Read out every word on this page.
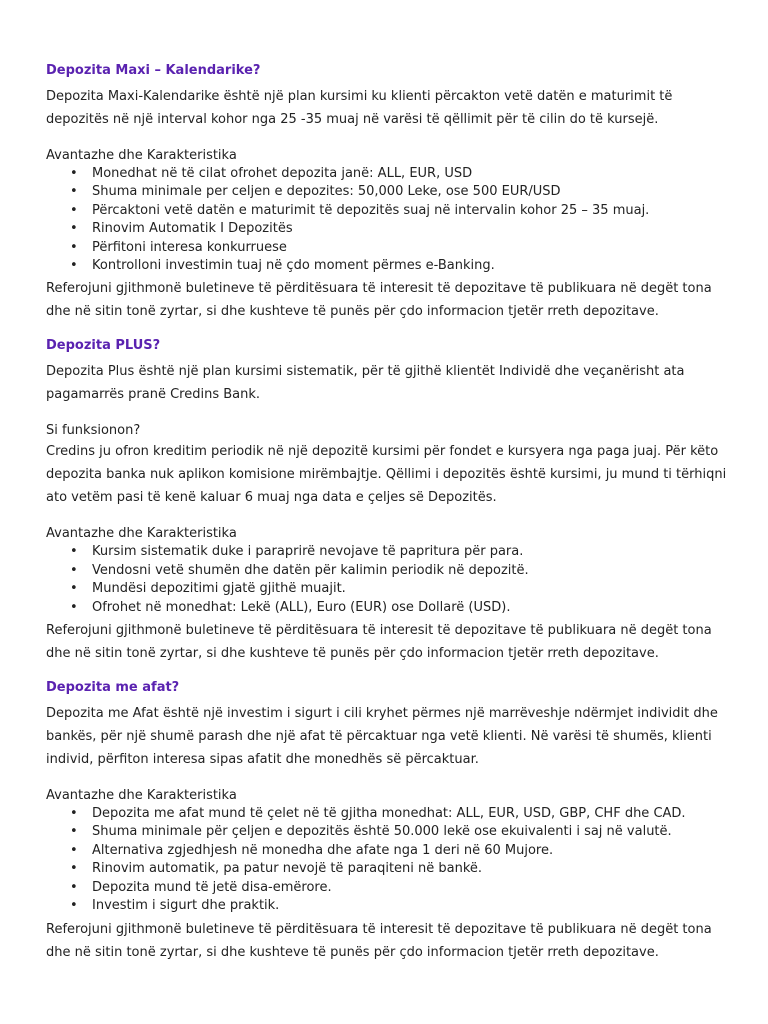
Depozita Maxi – Kalendarike?

Depozita Maxi-Kalendarike është një plan kursimi ku klienti përcakton vetë datën e maturimit të depozitës në një interval kohor nga 25 -35 muaj në varësi të qëllimit për të cilin do të kursejë.

Avantazhe dhe Karakteristika
• Monedhat në të cilat ofrohet depozita janë: ALL, EUR, USD
• Shuma minimale per celjen e depozites: 50,000 Leke, ose 500 EUR/USD
• Përcaktoni vetë datën e maturimit të depozitës suaj në intervalin kohor 25 – 35 muaj.
• Rinovim Automatik I Depozitës
• Përfitoni interesa konkurruese
• Kontrolloni investimin tuaj në çdo moment përmes e-Banking.

Referojuni gjithmonë buletineve të përditësuara të interesit të depozitave të publikuara në degët tona dhe në sitin tonë zyrtar, si dhe kushteve të punës për çdo informacion tjetër rreth depozitave.

Depozita PLUS?

Depozita Plus është një plan kursimi sistematik, për të gjithë klientët Individë dhe veçanërisht ata pagamarrës pranë Credins Bank.

Si funksionon?

Credins ju ofron kreditim periodik në një depozitë kursimi për fondet e kursyera nga paga juaj. Për këto depozita banka nuk aplikon komisione mirëmbajtje. Qëllimi i depozitës është kursimi, ju mund ti tërhiqni ato vetëm pasi të kenë kaluar 6 muaj nga data e çeljes së Depozitës.

Avantazhe dhe Karakteristika
• Kursim sistematik duke i paraprirë nevojave të papritura për para.
• Vendosni vetë shumën dhe datën për kalimin periodik në depozitë.
• Mundësi depozitimi gjatë gjithë muajit.
• Ofrohet në monedhat: Lekë (ALL), Euro (EUR) ose Dollarë (USD).

Referojuni gjithmonë buletineve të përditësuara të interesit të depozitave të publikuara në degët tona dhe në sitin tonë zyrtar, si dhe kushteve të punës për çdo informacion tjetër rreth depozitave.

Depozita me afat?

Depozita me Afat është një investim i sigurt i cili kryhet përmes një marrëveshje ndërmjet individit dhe bankës, për një shumë parash dhe një afat të përcaktuar nga vetë klienti. Në varësi të shumës, klienti individ, përfiton interesa sipas afatit dhe monedhës së përcaktuar.

Avantazhe dhe Karakteristika
• Depozita me afat mund të çelet në të gjitha monedhat: ALL, EUR, USD, GBP, CHF dhe CAD.
• Shuma minimale për çeljen e depozitës është 50.000 lekë ose ekuivalenti i saj në valutë.
• Alternativa zgjedhjesh në monedha dhe afate nga 1 deri në 60 Mujore.
• Rinovim automatik, pa patur nevojë të paraqiteni në bankë.
• Depozita mund të jetë disa-emërore.
• Investim i sigurt dhe praktik.

Referojuni gjithmonë buletineve të përditësuara të interesit të depozitave të publikuara në degët tona dhe në sitin tonë zyrtar, si dhe kushteve të punës për çdo informacion tjetër rreth depozitave.
